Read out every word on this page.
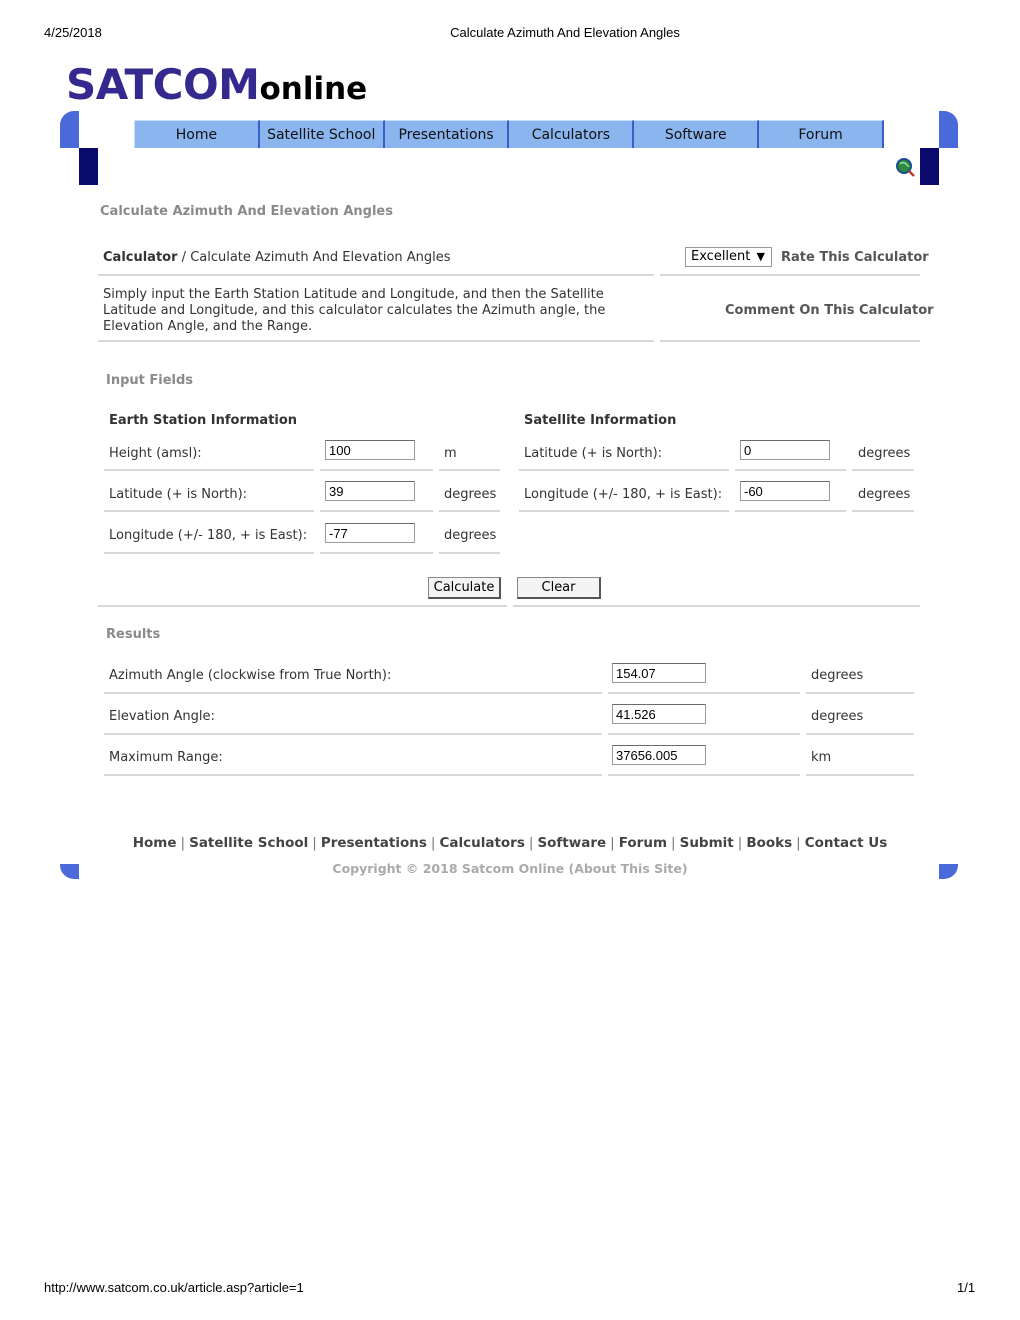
4/25/2018	Calculate Azimuth And Elevation Angles
SATCOMonline
Home	Satellite School	Presentations	Calculators	Software	Forum
Calculate Azimuth And Elevation Angles
Calculator / Calculate Azimuth And Elevation Angles	Excellent ▼ Rate This Calculator
Simply input the Earth Station Latitude and Longitude, and then the Satellite Latitude and Longitude, and this calculator calculates the Azimuth angle, the Elevation Angle, and the Range.
Comment On This Calculator
Input Fields
Earth Station Information	Satellite Information
Height (amsl):
100	m
Latitude (+ is North):
39	degrees
Longitude (+/- 180, + is East):
-77	degrees
Latitude (+ is North):
0	degrees
Longitude (+/- 180, + is East):
-60	degrees
Calculate	Clear
Results
Azimuth Angle (clockwise from True North):
154.07	degrees
Elevation Angle:
41.526	degrees
Maximum Range:
37656.005	km
Home | Satellite School | Presentations | Calculators | Software | Forum | Submit | Books | Contact Us
Copyright © 2018 Satcom Online (About This Site)
http://www.satcom.co.uk/article.asp?article=1	1/1
